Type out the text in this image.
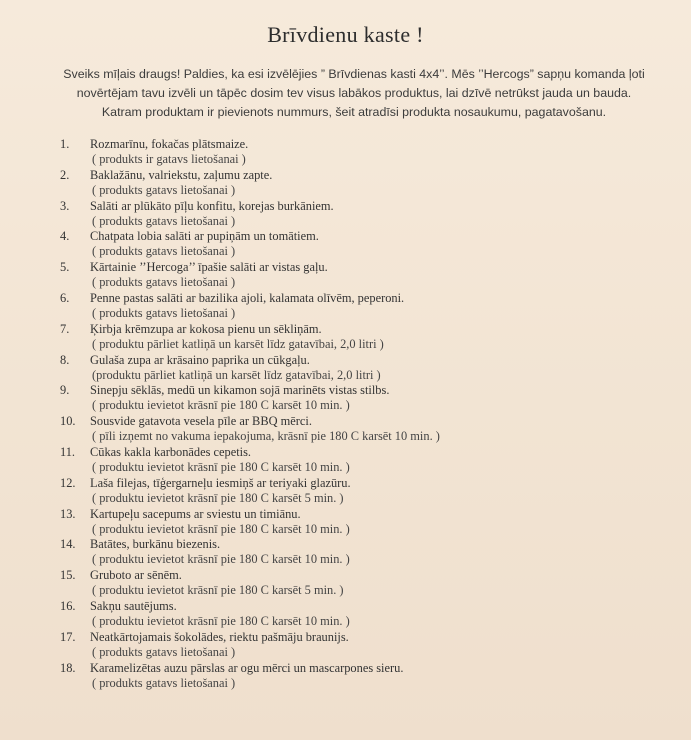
Brīvdienu kaste !
Sveiks mīļais draugs! Paldies, ka esi izvēlējies ” Brīvdienas kasti 4x4’’. Mēs ’’Hercogs” sapņu komanda ļoti
novērtējam tavu izvēli un tāpēc dosim tev visus labākos produktus, lai dzīvē netrūkst jauda un bauda.
Katram produktam ir pievienots nummurs, šeit atradīsi produkta nosaukumu, pagatavošanu.
1. Rozmarīnu, fokačas plātsmaize.
( produkts ir gatavs lietošanai )
2. Baklažānu, valriekstu, zaļumu zapte.
( produkts gatavs lietošanai )
3. Salāti ar plūkāto pīļu konfitu, korejas burkāniem.
( produkts gatavs lietošanai )
4. Chatpata lobia salāti ar pupiņām un tomātiem.
( produkts gatavs lietošanai )
5. Kārtainie ’’Hercoga’’ īpašie salāti ar vistas gaļu.
( produkts gatavs lietošanai )
6. Penne pastas salāti ar bazilika ajoli, kalamata olīvēm, peperoni.
( produkts gatavs lietošanai )
7. Ķirbja krēmzupa ar kokosa pienu un sēkliņām.
( produktu pārliet katliņā un karsēt līdz gatavībai, 2,0 litri )
8. Gulaša zupa ar krāsaino paprika un cūkgaļu.
(produktu pārliet katliņā un karsēt līdz gatavībai, 2,0 litri )
9. Sinepju sēklās, medū un kikamon sojā marinēts vistas stilbs.
( produktu ievietot krāsnī pie 180 C karsēt 10 min. )
10. Sousvide gatavota vesela pīle ar BBQ mērci.
( pīli izņemt no vakuma iepakojuma, krāsnī pie 180 C karsēt 10 min. )
11. Cūkas kakla karbonādes cepetis.
( produktu ievietot krāsnī pie 180 C karsēt 10 min. )
12. Laša filejas, tīģergarneļu iesmiņš ar teriyaki glazūru.
( produktu ievietot krāsnī pie 180 C karsēt 5 min. )
13. Kartupeļu sacepums ar sviestu un timiānu.
( produktu ievietot krāsnī pie 180 C karsēt 10 min. )
14. Batātes, burkānu biezenis.
( produktu ievietot krāsnī pie 180 C karsēt 10 min. )
15. Gruboto ar sēnēm.
( produktu ievietot krāsnī pie 180 C karsēt 5 min. )
16. Sakņu sautējums.
( produktu ievietot krāsnī pie 180 C karsēt 10 min. )
17. Neatkārtojamais šokolādes, riektu pašmāju braunijs.
( produkts gatavs lietošanai )
18. Karamelizētas auzu pārslas ar ogu mērci un mascarpones sieru.
( produkts gatavs lietošanai )
